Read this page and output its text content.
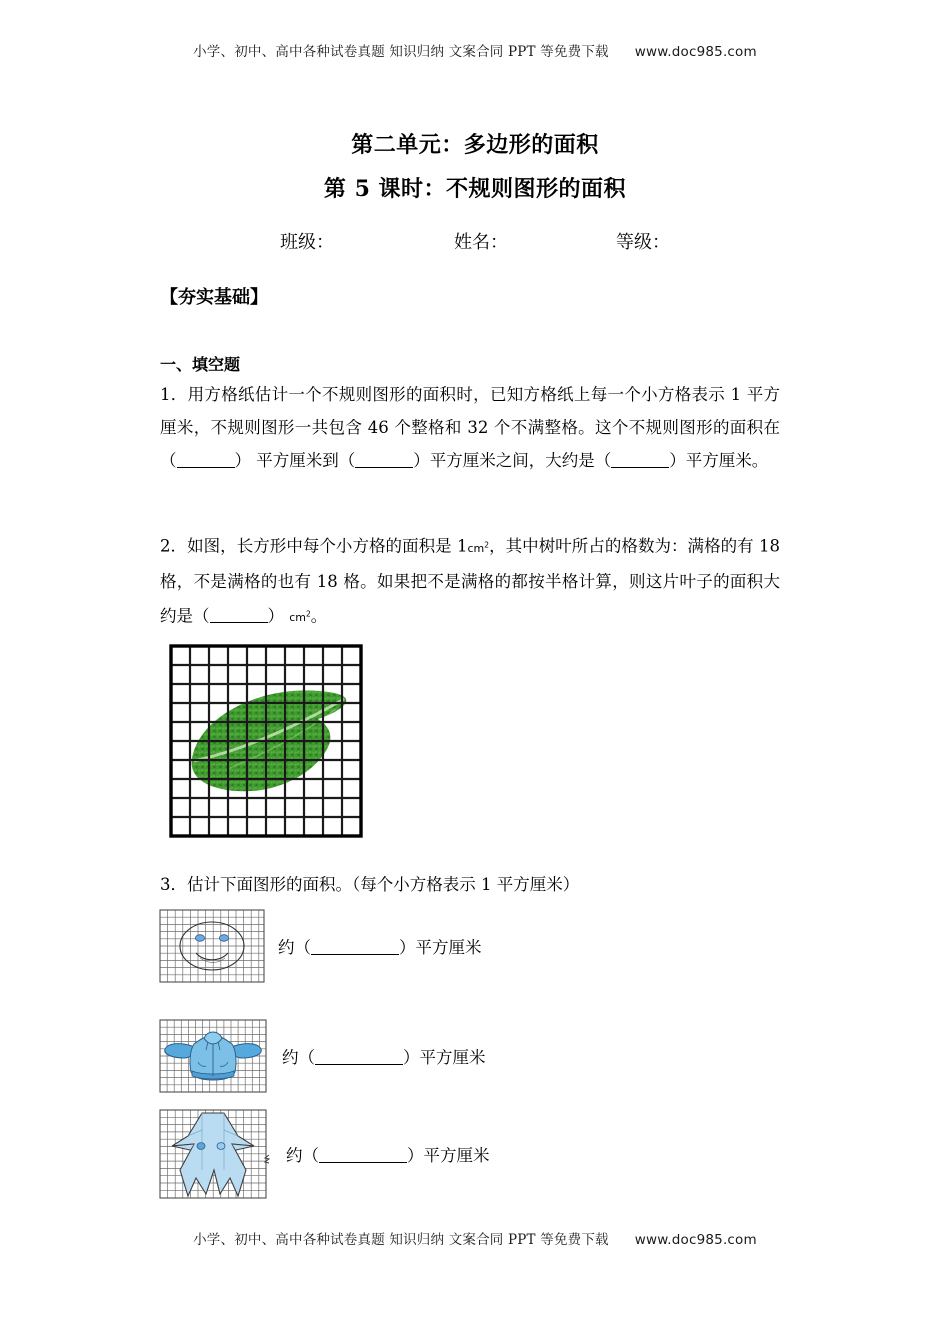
小学、初中、高中各种试卷真题 知识归纳 文案合同 PPT 等免费下载 www.doc985.com
第二单元：多边形的面积
第 5 课时：不规则图形的面积
班级：	姓名：	等级：
【夯实基础】
一、填空题
1．用方格纸估计一个不规则图形的面积时，已知方格纸上每一个小方格表示 1 平方厘米，不规则图形一共包含 46 个整格和 32 个不满整格。这个不规则图形的面积在（	） 平方厘米到（	）平方厘米之间，大约是（	）平方厘米。
2．如图，长方形中每个小方格的面积是 $1cm^2$，其中树叶所占的格数为：满格的有 18 格，不是满格的也有 18 格。如果把不是满格的都按半格计算，则这片叶子的面积大约是（	） $cm^2$。
3．估计下面图形的面积。（每个小方格表示 1 平方厘米）
约（	）平方厘米
约（	）平方厘米
约（	）平方厘米
小学、初中、高中各种试卷真题 知识归纳 文案合同 PPT 等免费下载 www.doc985.com
